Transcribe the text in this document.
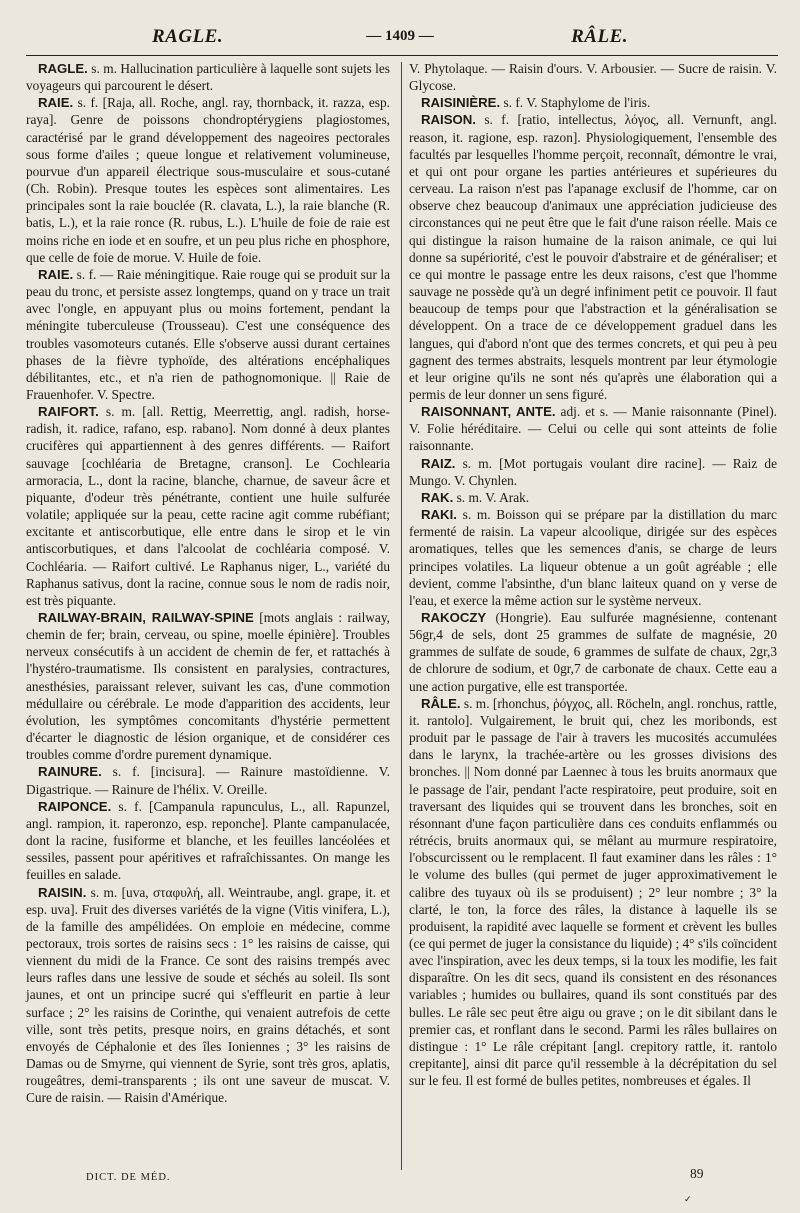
RAGLE.	— 1409 —	RÂLE.

RAGLE. s. m. Hallucination particulière à laquelle sont sujets les voyageurs qui parcourent le désert.

RAIE. s. f. [Raja, all. Roche, angl. ray, thornback, it. razza, esp. raya]. Genre de poissons chondroptérygiens plagiostomes, caractérisé par le grand développement des nageoires pectorales sous forme d'ailes ; queue longue et relativement volumineuse, pourvue d'un appareil électrique sous-musculaire et sous-cutané (Ch. Robin). Presque toutes les espèces sont alimentaires. Les principales sont la raie bouclée (R. clavata, L.), la raie blanche (R. batis, L.), et la raie ronce (R. rubus, L.). L'huile de foie de raie est moins riche en iode et en soufre, et un peu plus riche en phosphore, que celle de foie de morue. V. Huile de foie.

RAIE. s. f. — Raie méningitique. Raie rouge qui se produit sur la peau du tronc, et persiste assez longtemps, quand on y trace un trait avec l'ongle, en appuyant plus ou moins fortement, pendant la méningite tuberculeuse (Trousseau). C'est une conséquence des troubles vasomoteurs cutanés. Elle s'observe aussi durant certaines phases de la fièvre typhoïde, des altérations encéphaliques débilitantes, etc., et n'a rien de pathognomonique. || Raie de Frauenhofer. V. Spectre.

RAIFORT. s. m. [all. Rettig, Meerrettig, angl. radish, horse-radish, it. radice, rafano, esp. rabano]. Nom donné à deux plantes crucifères qui appartiennent à des genres différents. — Raifort sauvage [cochléaria de Bretagne, cranson]. Le Cochlearia armoracia, L., dont la racine, blanche, charnue, de saveur âcre et piquante, d'odeur très pénétrante, contient une huile sulfurée volatile; appliquée sur la peau, cette racine agit comme rubéfiant; excitante et antiscorbutique, elle entre dans le sirop et le vin antiscorbutiques, et dans l'alcoolat de cochléaria composé. V. Cochléaria. — Raifort cultivé. Le Raphanus niger, L., variété du Raphanus sativus, dont la racine, connue sous le nom de radis noir, est très piquante.

RAILWAY-BRAIN, RAILWAY-SPINE [mots anglais : railway, chemin de fer; brain, cerveau, ou spine, moelle épinière]. Troubles nerveux consécutifs à un accident de chemin de fer, et rattachés à l'hystéro-traumatisme. Ils consistent en paralysies, contractures, anesthésies, paraissant relever, suivant les cas, d'une commotion médullaire ou cérébrale. Le mode d'apparition des accidents, leur évolution, les symptômes concomitants d'hystérie permettent d'écarter le diagnostic de lésion organique, et de considérer ces troubles comme d'ordre purement dynamique.

RAINURE. s. f. [incisura]. — Rainure mastoïdienne. V. Digastrique. — Rainure de l'hélix. V. Oreille.

RAIPONCE. s. f. [Campanula rapunculus, L., all. Rapunzel, angl. rampion, it. raperonzo, esp. reponche]. Plante campanulacée, dont la racine, fusiforme et blanche, et les feuilles lancéolées et sessiles, passent pour apéritives et rafraîchissantes. On mange les feuilles en salade.

RAISIN. s. m. [uva, σταφυλή, all. Weintraube, angl. grape, it. et esp. uva]. Fruit des diverses variétés de la vigne (Vitis vinifera, L.), de la famille des ampélidées. On emploie en médecine, comme pectoraux, trois sortes de raisins secs : 1° les raisins de caisse, qui viennent du midi de la France. Ce sont des raisins trempés avec leurs rafles dans une lessive de soude et séchés au soleil. Ils sont jaunes, et ont un principe sucré qui s'effleurit en partie à leur surface ; 2° les raisins de Corinthe, qui venaient autrefois de cette ville, sont très petits, presque noirs, en grains détachés, et sont envoyés de Céphalonie et des îles Ioniennes ; 3° les raisins de Damas ou de Smyrne, qui viennent de Syrie, sont très gros, aplatis, rougeâtres, demi-transparents ; ils ont une saveur de muscat. V. Cure de raisin. — Raisin d'Amérique.

V. Phytolaque. — Raisin d'ours. V. Arbousier. — Sucre de raisin. V. Glycose.

RAISINIÈRE. s. f. V. Staphylome de l'iris.

RAISON. s. f. [ratio, intellectus, λόγος, all. Vernunft, angl. reason, it. ragione, esp. razon]. Physiologiquement, l'ensemble des facultés par lesquelles l'homme perçoit, reconnaît, démontre le vrai, et qui ont pour organe les parties antérieures et supérieures du cerveau. La raison n'est pas l'apanage exclusif de l'homme, car on observe chez beaucoup d'animaux une appréciation judicieuse des circonstances qui ne peut être que le fait d'une raison réelle. Mais ce qui distingue la raison humaine de la raison animale, ce qui lui donne sa supériorité, c'est le pouvoir d'abstraire et de généraliser; et ce qui montre le passage entre les deux raisons, c'est que l'homme sauvage ne possède qu'à un degré infiniment petit ce pouvoir. Il faut beaucoup de temps pour que l'abstraction et la généralisation se développent. On a trace de ce développement graduel dans les langues, qui d'abord n'ont que des termes concrets, et qui peu à peu gagnent des termes abstraits, lesquels montrent par leur étymologie et leur origine qu'ils ne sont nés qu'après une élaboration qui a permis de leur donner un sens figuré.

RAISONNANT, ANTE. adj. et s. — Manie raisonnante (Pinel). V. Folie héréditaire. — Celui ou celle qui sont atteints de folie raisonnante.

RAIZ. s. m. [Mot portugais voulant dire racine]. — Raiz de Mungo. V. Chynlen.

RAK. s. m. V. Arak.

RAKI. s. m. Boisson qui se prépare par la distillation du marc fermenté de raisin. La vapeur alcoolique, dirigée sur des espèces aromatiques, telles que les semences d'anis, se charge de leurs principes volatiles. La liqueur obtenue a un goût agréable ; elle devient, comme l'absinthe, d'un blanc laiteux quand on y verse de l'eau, et exerce la même action sur le système nerveux.

RAKOCZY (Hongrie). Eau sulfurée magnésienne, contenant 56gr,4 de sels, dont 25 grammes de sulfate de magnésie, 20 grammes de sulfate de soude, 6 grammes de sulfate de chaux, 2gr,3 de chlorure de sodium, et 0gr,7 de carbonate de chaux. Cette eau a une action purgative, elle est transportée.

RÂLE. s. m. [rhonchus, ῥόγχος, all. Röcheln, angl. ronchus, rattle, it. rantolo]. Vulgairement, le bruit qui, chez les moribonds, est produit par le passage de l'air à travers les mucosités accumulées dans le larynx, la trachée-artère ou les grosses divisions des bronches. || Nom donné par Laennec à tous les bruits anormaux que le passage de l'air, pendant l'acte respiratoire, peut produire, soit en traversant des liquides qui se trouvent dans les bronches, soit en résonnant d'une façon particulière dans ces conduits enflammés ou rétrécis, bruits anormaux qui, se mêlant au murmure respiratoire, l'obscurcissent ou le remplacent. Il faut examiner dans les râles : 1° le volume des bulles (qui permet de juger approximativement le calibre des tuyaux où ils se produisent) ; 2° leur nombre ; 3° la clarté, le ton, la force des râles, la distance à laquelle ils se produisent, la rapidité avec laquelle se forment et crèvent les bulles (ce qui permet de juger la consistance du liquide) ; 4° s'ils coïncident avec l'inspiration, avec les deux temps, si la toux les modifie, les fait disparaître. On les dit secs, quand ils consistent en des résonances variables ; humides ou bullaires, quand ils sont constitués par des bulles. Le râle sec peut être aigu ou grave ; on le dit sibilant dans le premier cas, et ronflant dans le second. Parmi les râles bullaires on distingue : 1° Le râle crépitant [angl. crepitory rattle, it. rantolo crepitante], ainsi dit parce qu'il ressemble à la décrépitation du sel sur le feu. Il est formé de bulles petites, nombreuses et égales. Il

DICT. DE MÉD.	89
✓
